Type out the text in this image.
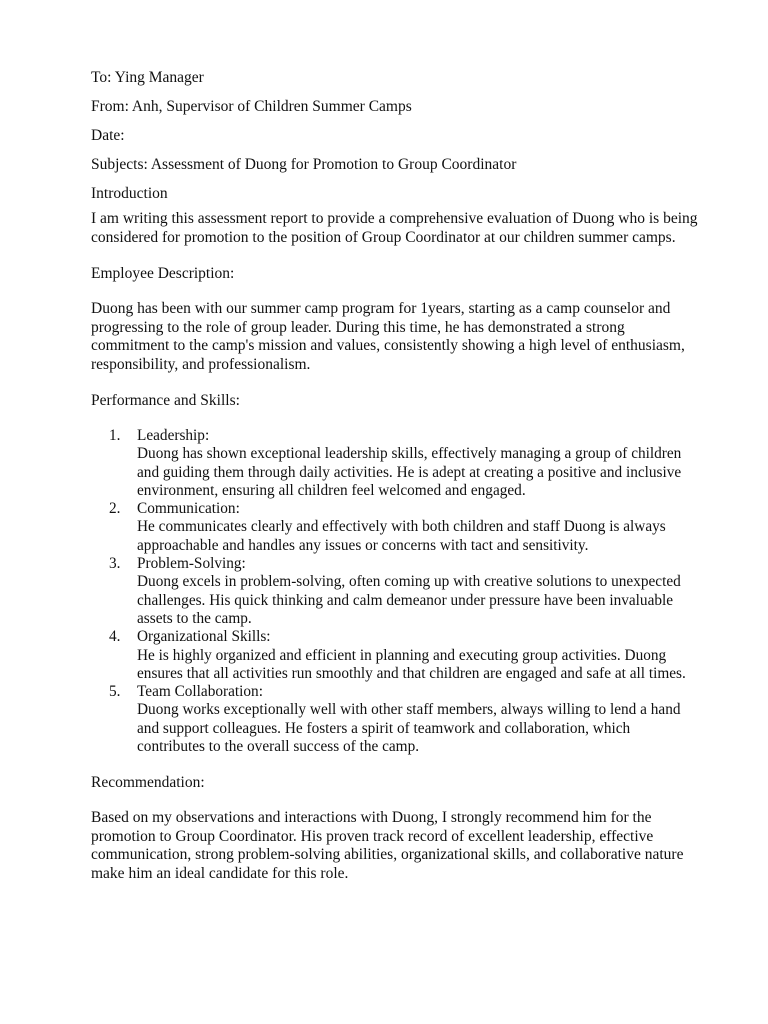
To: Ying Manager
From: Anh, Supervisor of Children Summer Camps
Date:
Subjects: Assessment of Duong for Promotion to Group Coordinator
Introduction

I am writing this assessment report to provide a comprehensive evaluation of Duong who is being considered for promotion to the position of Group Coordinator at our children summer camps.

Employee Description:

Duong has been with our summer camp program for 1years, starting as a camp counselor and progressing to the role of group leader. During this time, he has demonstrated a strong commitment to the camp's mission and values, consistently showing a high level of enthusiasm, responsibility, and professionalism.

Performance and Skills:

1. Leadership:
Duong has shown exceptional leadership skills, effectively managing a group of children and guiding them through daily activities. He is adept at creating a positive and inclusive environment, ensuring all children feel welcomed and engaged.
2. Communication:
He communicates clearly and effectively with both children and staff Duong is always approachable and handles any issues or concerns with tact and sensitivity.
3. Problem-Solving:
Duong excels in problem-solving, often coming up with creative solutions to unexpected challenges. His quick thinking and calm demeanor under pressure have been invaluable assets to the camp.
4. Organizational Skills:
He is highly organized and efficient in planning and executing group activities. Duong ensures that all activities run smoothly and that children are engaged and safe at all times.
5. Team Collaboration:
Duong works exceptionally well with other staff members, always willing to lend a hand and support colleagues. He fosters a spirit of teamwork and collaboration, which contributes to the overall success of the camp.

Recommendation:

Based on my observations and interactions with Duong, I strongly recommend him for the promotion to Group Coordinator. His proven track record of excellent leadership, effective communication, strong problem-solving abilities, organizational skills, and collaborative nature make him an ideal candidate for this role.
